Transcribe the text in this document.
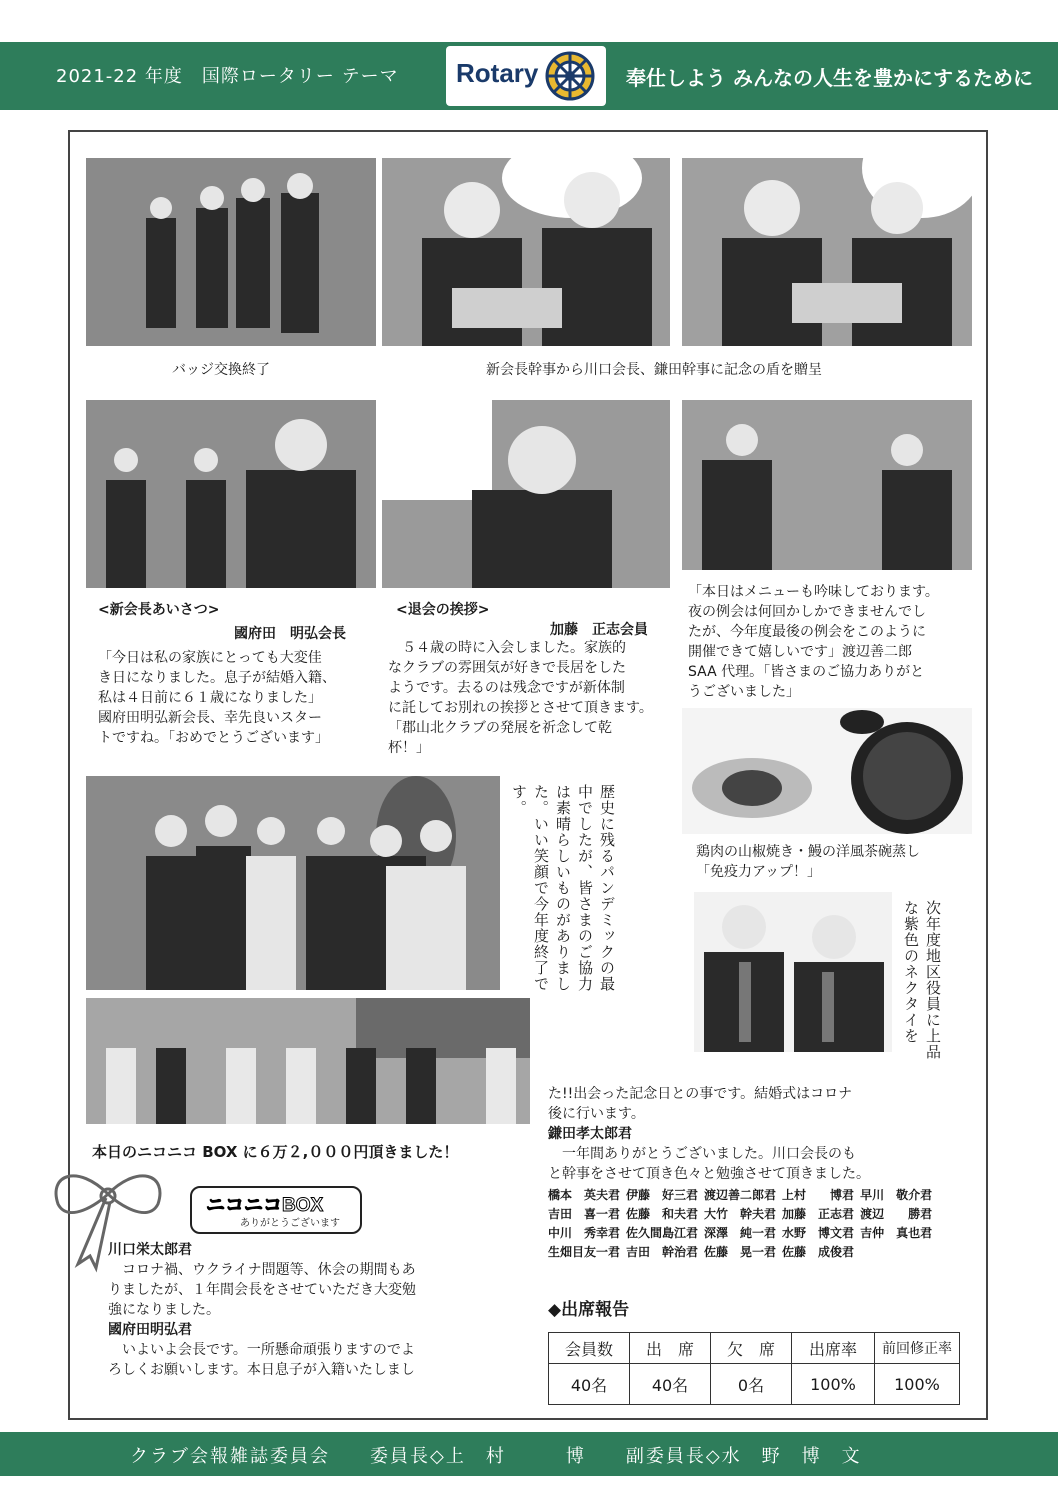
2021-22 年度　国際ロータリー テーマ Rotary	奉仕しよう みんなの人生を豊かにするために
バッジ交換終了	新会長幹事から川口会長、鎌田幹事に記念の盾を贈呈
<新会長あいさつ>
國府田　明弘会長
「今日は私の家族にとっても大変佳
き日になりました。息子が結婚入籍、
私は４日前に６１歳になりました」
國府田明弘新会長、幸先良いスター
トですね。「おめでとうございます」
<退会の挨拶>
加藤　正志会員
　５４歳の時に入会しました。家族的
なクラブの雰囲気が好きで長居をした
ようです。去るのは残念ですが新体制
に託してお別れの挨拶とさせて頂きます。
「郡山北クラブの発展を祈念して乾
杯！」
「本日はメニューも吟味しております。
夜の例会は何回かしかできませんでし
たが、今年度最後の例会をこのように
開催できて嬉しいです」渡辺善二郎
SAA 代理。「皆さまのご協力ありがと
うございました」
鶏肉の山椒焼き・鰻の洋風茶碗蒸し
「免疫力アップ！」
歴史に残るパンデミックの最中でしたが、皆さまのご協力は素晴らしいものがありました。いい笑顔で今年度終了です。
次年度地区役員に上品な紫色のネクタイを
本日のニコニコ BOX に６万２,０００円頂きました！
ニコニコBOX
ありがとうございます
川口栄太郎君
　コロナ禍、ウクライナ問題等、休会の期間もあ
りましたが、１年間会長をさせていただき大変勉
強になりました。
國府田明弘君
　いよいよ会長です。一所懸命頑張りますのでよ
ろしくお願いします。本日息子が入籍いたしまし
た!!出会った記念日との事です。結婚式はコロナ
後に行います。
鎌田孝太郎君
　一年間ありがとうございました。川口会長のも
と幹事をさせて頂き色々と勉強させて頂きました。
橋本　英夫君 伊藤　好三君 渡辺善二郎君 上村　　博君 早川　敬介君
吉田　喜一君 佐藤　和夫君 大竹　幹夫君 加藤　正志君 渡辺　　勝君
中川　秀幸君 佐久間島江君 深澤　純一君 水野　博文君 吉仲　真也君
生畑目友一君 吉田　幹治君 佐藤　晃一君 佐藤　成俊君
◆出席報告
会員数	出　席	欠　席	出席率	前回修正率
40名	40名	0名	100%	100%
クラブ会報雑誌委員会　　委員長◇上　村　　　博　　副委員長◇水　野　博　文
